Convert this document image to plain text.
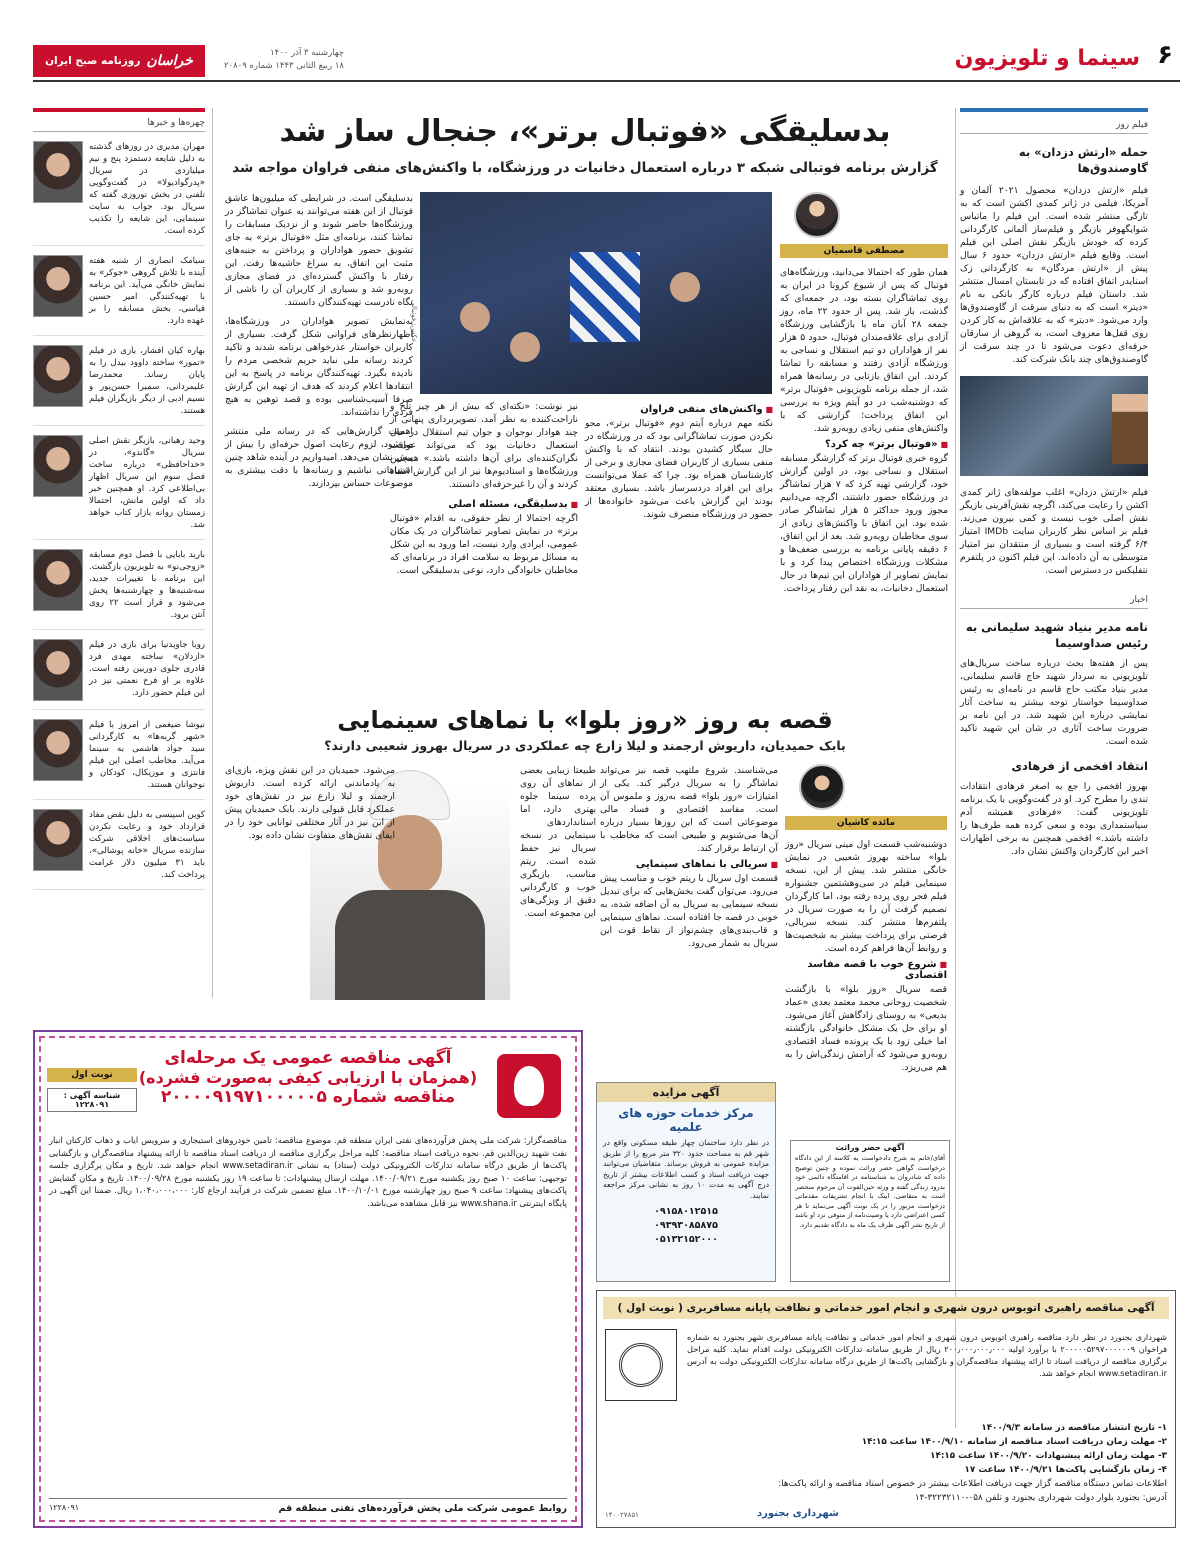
۶
سینما و تلویزیون
چهارشنبه ۳ آذر ۱۴۰۰
۱۸ ربیع الثانی ۱۴۴۳ شماره ۲۰۸۰۹
خراسان
روزنامه صبح ایران
فیلم روز
حمله «ارتش دزدان» به گاوصندوق‌ها

فیلم «ارتش دزدان» محصول ۲۰۲۱ آلمان و آمریکا، فیلمی در ژانر کمدی اکشن است که به تازگی منتشر شده است. این فیلم را ماتیاس شوایگهوفر بازیگر و فیلم‌ساز آلمانی کارگردانی کرده که خودش بازیگر نقش اصلی این فیلم است. وقایع فیلم «ارتش دزدان» حدود ۶ سال پیش از «ارتش مردگان» به کارگردانی زک اسنایدر اتفاق افتاده که در تابستان امسال منتشر شد. داستان فیلم درباره کارگر بانکی به نام «دیتر» است که به دنیای سرقت از گاوصندوق‌ها وارد می‌شود. «دیتر» که به علاقه‌اش به کار کردن روی قفل‌ها معروف است، به گروهی از سارقان حرفه‌ای دعوت می‌شود تا در چند سرقت از گاوصندوق‌های چند بانک شرکت کند.

فیلم «ارتش دزدان» اغلب مولفه‌های ژانر کمدی اکشن را رعایت می‌کند، اگرچه نقش‌آفرینی بازیگر نقش اصلی خوب نیست و کمی بیرون می‌زند. فیلم بر اساس نظر کاربران سایت IMDb امتیاز ۶/۴ گرفته است و بسیاری از منتقدان نیز امتیاز متوسطی به آن داده‌اند. این فیلم اکنون در پلتفرم نتفلیکس در دسترس است.

اخبار
نامه مدیر بنیاد شهید سلیمانی به رئیس صداوسیما

پس از هفته‌ها بحث درباره ساخت سریال‌های تلویزیونی به سردار شهید حاج قاسم سلیمانی، مدیر بنیاد مکتب حاج قاسم در نامه‌ای به رئیس صداوسیما خواستار توجه بیشتر به ساخت آثار نمایشی درباره این شهید شد. در این نامه بر ضرورت ساخت آثاری در شان این شهید تاکید شده است.

انتقاد افخمی از فرهادی

بهروز افخمی را جع به اصغر فرهادی انتقادات تندی را مطرح کرد. او در گفت‌وگویی با یک برنامه تلویزیونی گفت: «فرهادی همیشه آدم سیاستمداری بوده و سعی کرده همه طرف‌ها را داشته باشد.» افخمی همچنین به برخی اظهارات اخیر این کارگردان واکنش نشان داد.

چهره‌ها و خبرها

مهران مدیری در روزهای گذشته به دلیل شایعه دستمزد پنج و نیم میلیاردی در سریال «پدرگوادیولا» در گفت‌وگویی تلفنی در بخش نوروزی گفته که سریال بود. جواب به سایت سینمایی، این شایعه را تکذیب کرده است.

سیامک انصاری از شنبه هفته آینده با تلاش گروهی «جوکر» به نمایش خانگی می‌آید. این برنامه با تهیه‌کنندگی امیر حسین قیاسی، بخش مسابقه را بر عهده دارد.

بهاره کیان افشار، بازی در فیلم «تمور» ساخته داوود بیدل را به پایان رساند. محمدرضا علیمردانی، سمیرا حسن‌پور و نسیم ادبی از دیگر بازیگران فیلم هستند.

وحید رهبانی، بازیگر نقش اصلی سریال «گاندو»، در «خداحافظی» درباره ساخت فصل سوم این سریال اظهار بی‌اطلاعی کرد. او همچنین خبر داد که اولین مانش، احتمالا زمستان روانه بازار کتاب خواهد شد.

بارید بابایی با فصل دوم مسابقه «زوجی‌نو» به تلویزیون بازگشت. این برنامه با تغییرات جدید، سه‌شنبه‌ها و چهارشنبه‌ها پخش می‌شود و قرار است ۲۲ روی آنتن برود.

رویا جاویدنیا برای بازی در فیلم «ازدلان» ساخته مهدی فرد قادری جلوی دوربین رفته است. علاوه بر او فرخ نعمتی نیز در این فیلم حضور دارد.

نیوشا ضیغمی از امروز با فیلم «شهر گربه‌ها» به کارگردانی سید جواد هاشمی به سینما می‌آید. مخاطب اصلی این فیلم فانتزی و موزیکال، کودکان و نوجوانان هستند.

کوین اسپیسی به دلیل نقض مفاد قرارداد خود و رعایت نکردن سیاست‌های اخلاقی شرکت سازنده سریال «خانه پوشالی»، باید ۳۱ میلیون دلار غرامت پرداخت کند.

بدسلیقگی «فوتبال برتر»، جنجال ساز شد
گزارش برنامه فوتبالی شبکه ۳ درباره استعمال دخانیات در ورزشگاه، با واکنش‌های منفی فراوان مواجه شد
مصطفی قاسمیان

همان طور که احتمالا می‌دانید، ورزشگاه‌های فوتبال که پس از شیوع کرونا در ایران به روی تماشاگران بسته بود، در جمعه‌ای که گذشت، باز شد. پس از حدود ۲۲ ماه، روز جمعه ۲۸ آبان ماه با بازگشایی ورزشگاه آزادی برای علاقه‌مندان فوتبال، حدود ۵ هزار نفر از هواداران دو تیم استقلال و نساجی به ورزشگاه آزادی رفتند و مسابقه را تماشا کردند. این اتفاق بازتابی در رسانه‌ها همراه شد، از جمله برنامه تلویزیونی «فوتبال برتر» که دوشنبه‌شب در دو آیتم ویژه به بررسی این اتفاق پرداخت؛ گزارشی که با واکنش‌های منفی زیادی روبه‌رو شد.

■ «فوتبال برتر» چه کرد؟

گروه خبری فوتبال برتر که گزارشگر مسابقه استقلال و نساجی بود، در اولین گزارش خود، گزارشی تهیه کرد که ۷ هزار تماشاگر در ورزشگاه حضور داشتند، اگرچه می‌دانیم مجوز ورود حداکثر ۵ هزار تماشاگر صادر شده بود. این اتفاق با واکنش‌های زیادی از سوی مخاطبان روبه‌رو شد. بعد از این اتفاق، ۶ دقیقه پایانی برنامه به بررسی ضعف‌ها و مشکلات ورزشگاه اختصاص پیدا کرد و با نمایش تصاویر از هواداران این تیم‌ها در حال استعمال دخانیات، به نقد این رفتار پرداخت.

عکس: فوتبالی
■ واکنش‌های منفی فراوان

نکته مهم درباره آیتم دوم «فوتبال برتر»، محو نکردن صورت تماشاگرانی بود که در ورزشگاه در حال سیگار کشیدن بودند. انتقاد که با واکنش منفی بسیاری از کاربران فضای مجازی و برخی از کارشناسان همراه بود. چرا که عملا می‌توانست برای این افراد دردسرساز باشد. بسیاری معتقد بودند این گزارش باعث می‌شود خانواده‌ها از حضور در ورزشگاه منصرف شوند.

نیز نوشت: «نکته‌ای که بیش از هر چیز تلخ و ناراحت‌کننده به نظر آمد، تصویربرداری پنهانی از چند هوادار نوجوان و جوان تیم استقلال در حال استعمال دخانیات بود که می‌تواند عواقب نگران‌کننده‌ای برای آن‌ها داشته باشد.» همچنین ورزشگاه‌ها و استادیوم‌ها نیز از این گزارش انتقاد کردند و آن را غیرحرفه‌ای دانستند.

■ بدسلیقگی، مسئله اصلی

اگرچه احتمالا از نظر حقوقی، به اقدام «فوتبال برتر» در نمایش تصاویر تماشاگران در یک مکان عمومی، ایرادی وارد نیست، اما ورود به این شکل به مسائل مربوط به سلامت افراد در برنامه‌ای که مخاطبان خانوادگی دارد، نوعی بدسلیقگی است.

بدسلیقگی است. در شرایطی که میلیون‌ها عاشق فوتبال از این هفته می‌توانند به عنوان تماشاگر در ورزشگاه‌ها حاضر شوند و از نزدیک مسابقات را تماشا کنند، برنامه‌ای مثل «فوتبال برتر» به جای تشویق حضور هواداران و پرداختن به جنبه‌های مثبت این اتفاق، به سراغ حاشیه‌ها رفت. این رفتار با واکنش گسترده‌ای در فضای مجازی روبه‌رو شد و بسیاری از کاربران آن را ناشی از نگاه نادرست تهیه‌کنندگان دانستند.

به‌نمایش تصویر هواداران در ورزشگاه‌ها، اظهارنظرهای فراوانی شکل گرفت. بسیاری از کاربران خواستار عذرخواهی برنامه شدند و تاکید کردند رسانه ملی نباید حریم شخصی مردم را نادیده بگیرد. تهیه‌کنندگان برنامه در پاسخ به این انتقادها اعلام کردند که هدف از تهیه این گزارش صرفا آسیب‌شناسی بوده و قصد توهین به هیچ فردی را نداشته‌اند.

اهمیت گزارش‌هایی که در رسانه ملی منتشر می‌شود، لزوم رعایت اصول حرفه‌ای را بیش از پیش نشان می‌دهد. امیدواریم در آینده شاهد چنین اشتباهاتی نباشیم و رسانه‌ها با دقت بیشتری به موضوعات حساس بپردازند.

قصه به روز «روز بلوا» با نماهای سینمایی
بابک حمیدیان، داریوش ارجمند و لیلا زارع چه عملکردی در سریال بهروز شعیبی دارند؟
مائده کاشیان

دوشنبه‌شب قسمت اول مینی سریال «روز بلوا» ساخته بهروز شعیبی در نمایش خانگی منتشر شد. پیش از این، نسخه سینمایی فیلم در سی‌و‌هشتمین جشنواره فیلم فجر روی پرده رفته بود، اما کارگردان تصمیم گرفت آن را به صورت سریال در پلتفرم‌ها منتشر کند. نسخه سریالی، فرصتی برای پرداخت بیشتر به شخصیت‌ها و روابط آن‌ها فراهم کرده است.

■ شروع خوب با قصه مفاسد اقتصادی

قصه سریال «روز بلوا» با بازگشت شخصیت روحانی محمد معتمد بعدی «عماد بدیعی» به روستای زادگاهش آغاز می‌شود. او برای حل یک مشکل خانوادگی بازگشته اما خیلی زود با یک پرونده فساد اقتصادی روبه‌رو می‌شود که آرامش زندگی‌اش را به هم می‌ریزد.

می‌شناسند. شروع ملتهب قصه نیز می‌تواند تماشاگر را به سریال درگیر کند. یکی از امتیازات «روز بلوا» قصه به‌روز و ملموس آن است. مفاسد اقتصادی و فساد مالی موضوعاتی است که این روزها بسیار درباره آن‌ها می‌شنویم و طبیعی است که مخاطب با آن ارتباط برقرار کند.

■ سریالی با نماهای سینمایی

قسمت اول سریال با ریتم خوب و مناسب پیش می‌رود. می‌توان گفت بخش‌هایی که برای تبدیل نسخه سینمایی به سریال به آن اضافه شده، به خوبی در قصه جا افتاده است. نماهای سینمایی و قاب‌بندی‌های چشم‌نواز از نقاط قوت این سریال به شمار می‌رود.

طبیعتا زیبایی بعضی از نماهای آن روی پرده سینما جلوه بهتری دارد، اما استانداردهای سینمایی در نسخه سریال نیز حفظ شده است. ریتم مناسب، بازیگری خوب و کارگردانی دقیق از ویژگی‌های این مجموعه است.

می‌شود. حمیدیان در این نقش ویژه، بازی‌ای به یادماندنی ارائه کرده است. داریوش ارجمند و لیلا زارع نیز در نقش‌های خود عملکرد قابل قبولی دارند. بابک حمیدیان پیش از این نیز در آثار مختلفی توانایی خود را در ایفای نقش‌های متفاوت نشان داده بود.

آگهی مناقصه عمومی یک مرحله‌ای
(همزمان با ارزیابی کیفی به‌صورت فشرده)
مناقصه شماره ۲۰۰۰۰۹۱۹۷۱۰۰۰۰۰۵
نوبت اول
شناسه آگهی : ۱۲۲۸۰۹۱
مناقصه‌گزار: شرکت ملی پخش فرآورده‌های نفتی ایران منطقه قم. موضوع مناقصه: تامین خودروهای استیجاری و سرویس ایاب و ذهاب کارکنان انبار نفت شهید زین‌الدین قم. نحوه دریافت اسناد مناقصه: کلیه مراحل برگزاری مناقصه از دریافت اسناد مناقصه تا ارائه پیشنهاد مناقصه‌گران و بازگشایی پاکت‌ها از طریق درگاه سامانه تدارکات الکترونیکی دولت (ستاد) به نشانی www.setadiran.ir انجام خواهد شد. تاریخ و مکان برگزاری جلسه توجیهی: ساعت ۱۰ صبح روز یکشنبه مورخ ۱۴۰۰/۰۹/۲۱. مهلت ارسال پیشنهادات: تا ساعت ۱۹ روز یکشنبه مورخ ۱۴۰۰/۰۹/۲۸. تاریخ و مکان گشایش پاکت‌های پیشنهاد: ساعت ۹ صبح روز چهارشنبه مورخ ۱۴۰۰/۱۰/۰۱. مبلغ تضمین شرکت در فرآیند ارجاع کار: ۱،۰۴۰،۰۰۰،۰۰۰ ریال. ضمنا این آگهی در پایگاه اینترنتی www.shana.ir نیز قابل مشاهده می‌باشد.
روابط عمومی شرکت ملی پخش فرآورده‌های نفتی منطقه قم
۱۲۲۸۰۹۱
آگهی مزایده
مرکز خدمات حوزه های علمیه
در نظر دارد ساختمان چهار طبقه مسکونی واقع در شهر قم به مساحت حدود ۳۲۰ متر مربع را از طریق مزایده عمومی به فروش برساند. متقاضیان می‌توانند جهت دریافت اسناد و کسب اطلاعات بیشتر از تاریخ درج آگهی به مدت ۱۰ روز به نشانی مرکز مراجعه نمایند.
۰۹۱۵۸۰۱۲۵۱۵
۰۹۳۹۳۰۸۵۸۷۵
۰۵۱۳۲۱۵۲۰۰۰
آگهی حصر وراثت
آقای/خانم به شرح دادخواست به کلاسه از این دادگاه درخواست گواهی حصر وراثت نموده و چنین توضیح داده که شادروان به شناسنامه در اقامتگاه دائمی خود بدرود زندگی گفته و ورثه حین‌الفوت آن مرحوم منحصر است به متقاضی. اینک با انجام تشریفات مقدماتی درخواست مزبور را در یک نوبت آگهی می‌نماید تا هر کسی اعتراضی دارد یا وصیت‌نامه از متوفی نزد او باشد از تاریخ نشر آگهی ظرف یک ماه به دادگاه تقدیم دارد.
آگهی مناقصه راهبری اتوبوس درون شهری و انجام امور خدماتی و نظافت پایانه مسافربری ( نوبت اول )
شهرداری بجنورد در نظر دارد مناقصه راهبری اتوبوس درون شهری و انجام امور خدماتی و نظافت پایانه مسافربری شهر بجنورد به شماره فراخوان ۲۰۰۰۰۰۵۲۹۷۰۰۰۰۰۰۹ با برآورد اولیه ۲۰۰٫۰۰۰٫۰۰۰٫۰۰۰ ریال از طریق سامانه تدارکات الکترونیکی دولت اقدام نماید. کلیه مراحل برگزاری مناقصه از دریافت اسناد تا ارائه پیشنهاد مناقصه‌گران و بازگشایی پاکت‌ها از طریق درگاه سامانه تدارکات الکترونیکی دولت به آدرس www.setadiran.ir انجام خواهد شد.
۱- تاریخ انتشار مناقصه در سامانه ۱۴۰۰/۹/۳
۲- مهلت زمان دریافت اسناد مناقصه از سامانه ۱۴۰۰/۹/۱۰ ساعت ۱۴:۱۵
۳- مهلت زمان ارائه پیشنهادات ۱۴۰۰/۹/۲۰ ساعت ۱۴:۱۵
۴- زمان بازگشایی پاکت‌ها ۱۴۰۰/۹/۲۱ ساعت ۱۷
اطلاعات تماس دستگاه مناقصه گزار جهت دریافت اطلاعات بیشتر در خصوص اسناد مناقصه و ارائه پاکت‌ها:
آدرس: بجنورد بلوار دولت شهرداری بجنورد و تلفن ۰۵۸-۳۲۲۳۲۱۱۰-۱۴
شهرداری بجنورد
۱۴۰۰۲۷۸۵۱
